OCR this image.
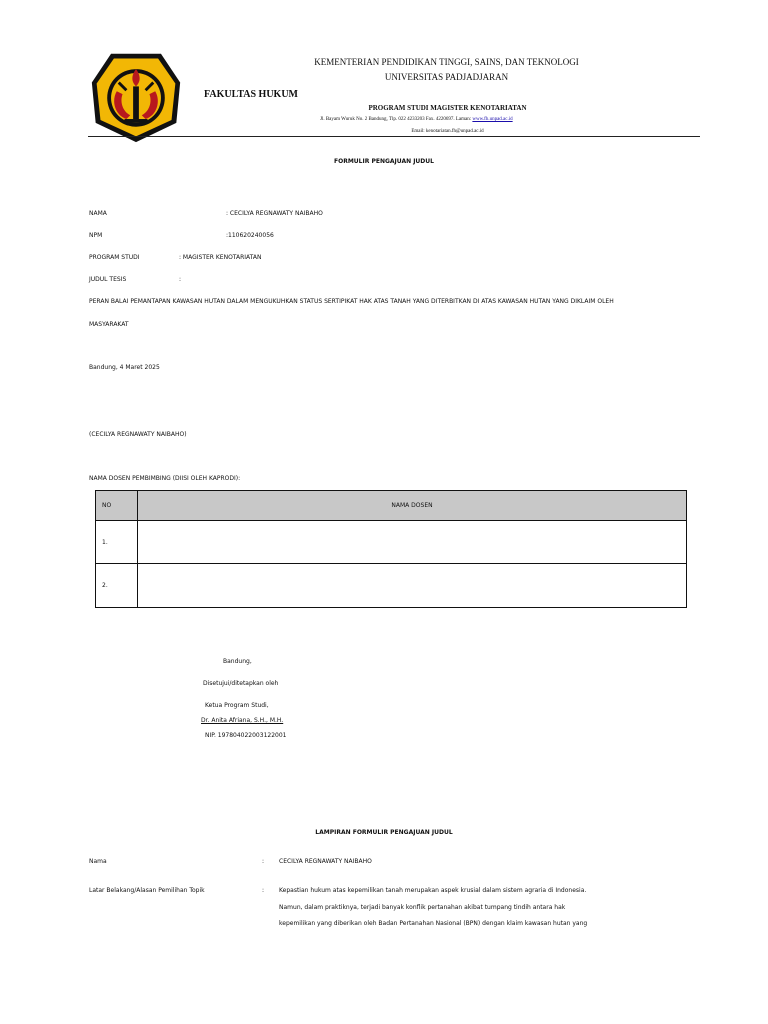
FAKULTAS HUKUM
KEMENTERIAN PENDIDIKAN TINGGI, SAINS, DAN TEKNOLOGI
UNIVERSITAS PADJADJARAN
PROGRAM STUDI MAGISTER KENOTARIATAN
Jl. Bayam Wuruk No. 2 Bandung, Tlp. 022 4233203 Fax. 4220697. Laman: www.fh.unpad.ac.id
Email: kenotariatan.fh@unpad.ac.id
FORMULIR PENGAJUAN JUDUL
NAMA	: CECILYA REGNAWATY NAIBAHO
NPM	:110620240056
PROGRAM STUDI	: MAGISTER KENOTARIATAN
JUDUL TESIS	:
PERAN BALAI PEMANTAPAN KAWASAN HUTAN DALAM MENGUKUHKAN STATUS SERTIPIKAT HAK ATAS TANAH YANG DITERBITKAN DI ATAS KAWASAN HUTAN YANG DIKLAIM OLEH
MASYARAKAT
Bandung, 4 Maret 2025
(CECILYA REGNAWATY NAIBAHO)
NAMA DOSEN PEMBIMBING (DIISI OLEH KAPRODI):
NO	NAMA DOSEN
1.	
2.	
Bandung,
Disetujui/ditetapkan oleh
Ketua Program Studi,
Dr. Anita Afriana, S.H., M.H.
NIP. 197804022003122001
LAMPIRAN FORMULIR PENGAJUAN JUDUL
Nama	: CECILYA REGNAWATY NAIBAHO
Latar Belakang/Alasan Pemilihan Topik	: Kepastian hukum atas kepemilikan tanah merupakan aspek krusial dalam sistem agraria di Indonesia.
Namun, dalam praktiknya, terjadi banyak konflik pertanahan akibat tumpang tindih antara hak
kepemilikan yang diberikan oleh Badan Pertanahan Nasional (BPN) dengan klaim kawasan hutan yang
